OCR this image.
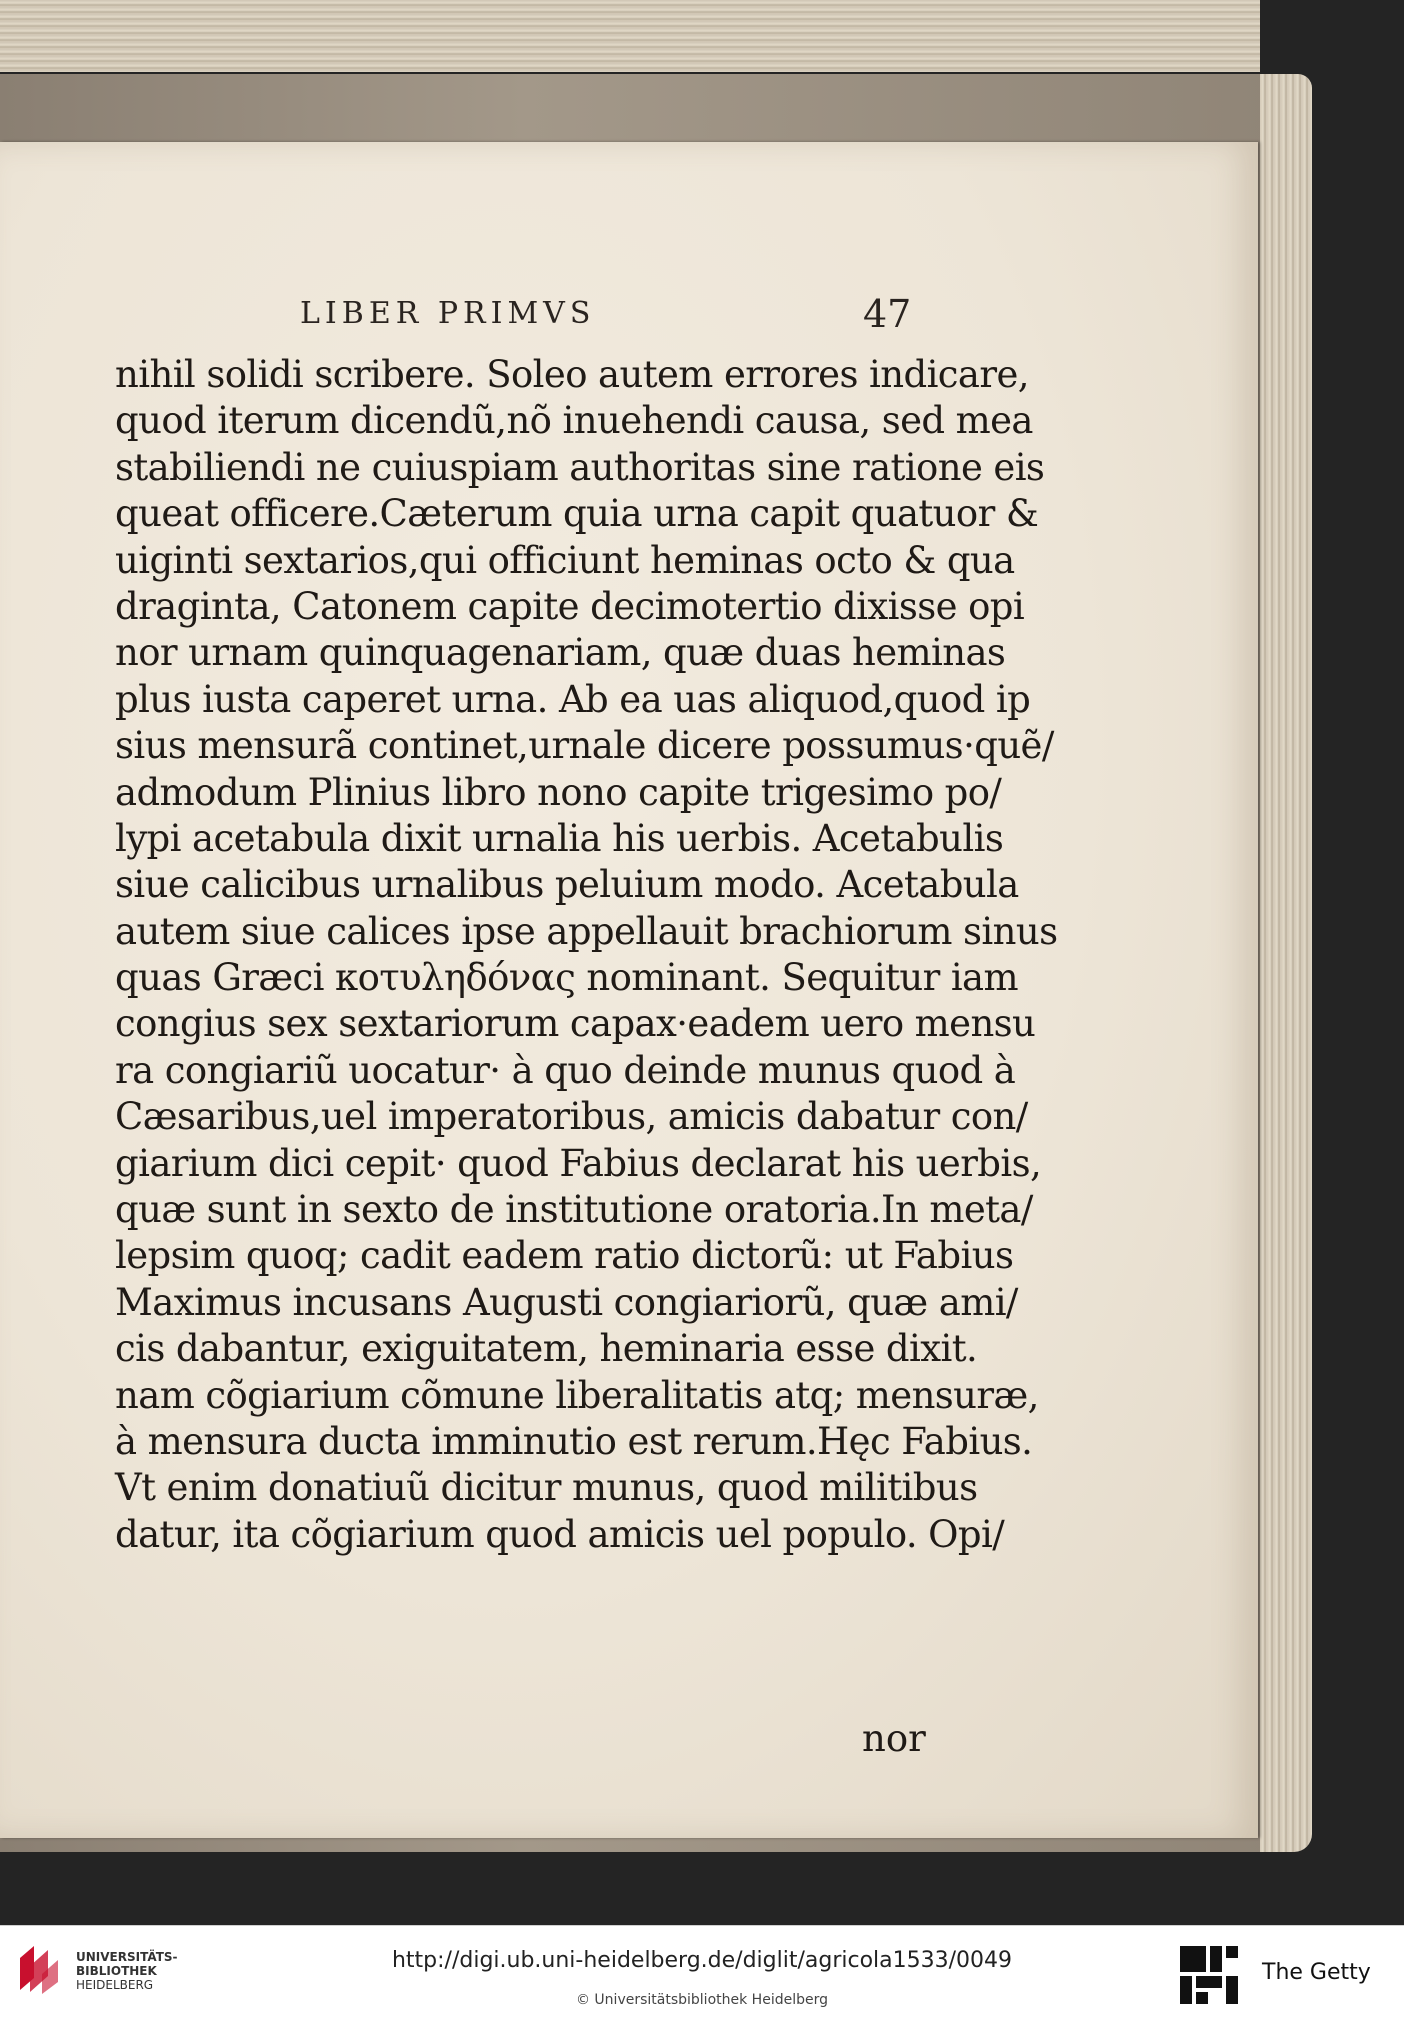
LIBER PRIMVS	47
nihil solidi scribere. Soleo autem errores indicare,
quod iterum dicendũ,nõ inuehendi causa, sed mea
stabiliendi ne cuiuspiam authoritas sine ratione eis
queat officere.Cæterum quia urna capit quatuor &
uiginti sextarios,qui officiunt heminas octo & qua
draginta, Catonem capite decimotertio dixisse opi
nor urnam quinquagenariam, quæ duas heminas
plus iusta caperet urna. Ab ea uas aliquod,quod ip
sius mensurã continet,urnale dicere possumus·quẽ/
admodum Plinius libro nono capite trigesimo po/
lypi acetabula dixit urnalia his uerbis. Acetabulis
siue calicibus urnalibus peluium modo. Acetabula
autem siue calices ipse appellauit brachiorum sinus
quas Græci κοτυληδόνας nominant. Sequitur iam
congius sex sextariorum capax·eadem uero mensu
ra congiariũ uocatur· à quo deinde munus quod à
Cæsaribus,uel imperatoribus, amicis dabatur con/
giarium dici cepit· quod Fabius declarat his uerbis,
quæ sunt in sexto de institutione oratoria.In meta/
lepsim quoq; cadit eadem ratio dictorũ: ut Fabius
Maximus incusans Augusti congiariorũ, quæ ami/
cis dabantur, exiguitatem, heminaria esse dixit.
nam cõgiarium cõmune liberalitatis atq; mensuræ,
à mensura ducta imminutio est rerum.Hęc Fabius.
Vt enim donatiuũ dicitur munus, quod militibus
datur, ita cõgiarium quod amicis uel populo. Opi/
nor
UNIVERSITÄTS-
BIBLIOTHEK
HEIDELBERG
http://digi.ub.uni-heidelberg.de/diglit/agricola1533/0049
© Universitätsbibliothek Heidelberg
The Getty
